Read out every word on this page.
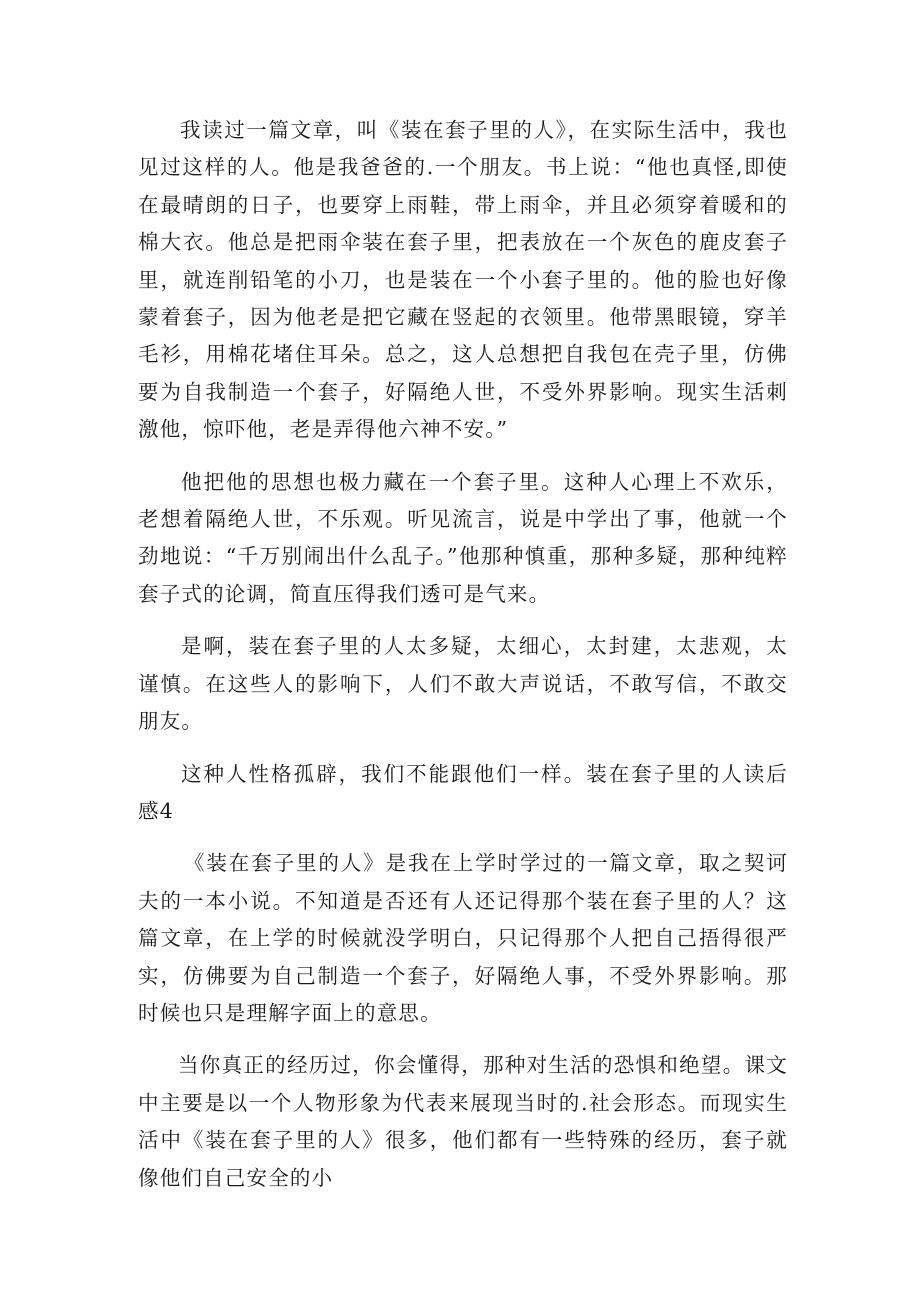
我读过一篇文章，叫《装在套子里的人》，在实际生活中，我也见过这样的人。他是我爸爸的.一个朋友。书上说：“他也真怪,即使在最晴朗的日子，也要穿上雨鞋，带上雨伞，并且必须穿着暖和的棉大衣。他总是把雨伞装在套子里，把表放在一个灰色的鹿皮套子里，就连削铅笔的小刀，也是装在一个小套子里的。他的脸也好像蒙着套子，因为他老是把它藏在竖起的衣领里。他带黑眼镜，穿羊毛衫，用棉花堵住耳朵。总之，这人总想把自我包在壳子里，仿佛要为自我制造一个套子，好隔绝人世，不受外界影响。现实生活刺激他，惊吓他，老是弄得他六神不安。”

他把他的思想也极力藏在一个套子里。这种人心理上不欢乐，老想着隔绝人世，不乐观。听见流言，说是中学出了事，他就一个劲地说：“千万别闹出什么乱子。”他那种慎重，那种多疑，那种纯粹套子式的论调，简直压得我们透可是气来。

是啊，装在套子里的人太多疑，太细心，太封建，太悲观，太谨慎。在这些人的影响下，人们不敢大声说话，不敢写信，不敢交朋友。

这种人性格孤辟，我们不能跟他们一样。装在套子里的人读后感4

《装在套子里的人》是我在上学时学过的一篇文章，取之契诃夫的一本小说。不知道是否还有人还记得那个装在套子里的人？这篇文章，在上学的时候就没学明白，只记得那个人把自己捂得很严实，仿佛要为自己制造一个套子，好隔绝人事，不受外界影响。那时候也只是理解字面上的意思。

当你真正的经历过，你会懂得，那种对生活的恐惧和绝望。课文中主要是以一个人物形象为代表来展现当时的.社会形态。而现实生活中《装在套子里的人》很多，他们都有一些特殊的经历，套子就像他们自己安全的小
